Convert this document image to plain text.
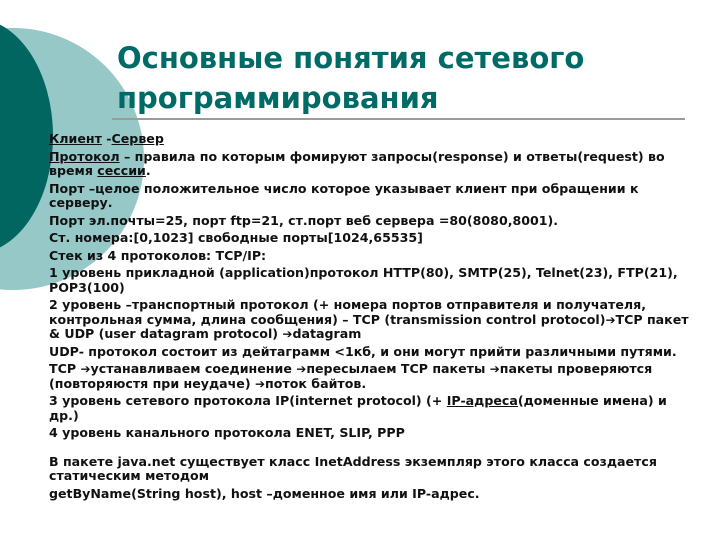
Основные понятия сетевого программирования

Клиент -Сервер

Протокол – правила по которым фомируют запросы(response) и ответы(request) во время сессии.

Порт –целое положительное число которое указывает клиент при обращении к серверу.

Порт эл.почты=25, порт ftp=21, ст.порт веб сервера =80(8080,8001).

Ст. номера:[0,1023] свободные порты[1024,65535]

Стек из 4 протоколов: TCP/IP:

1 уровень прикладной (application)протокол HTTP(80), SMTP(25), Telnet(23), FTP(21), POP3(100)

2 уровень –транспортный протокол (+ номера портов отправителя и получателя, контрольная сумма, длина сообщения) – TCP (transmission control protocol)➔TCP пакет & UDP (user datagram protocol) ➔datagram

UDP- протокол состоит из дейтаграмм <1кб, и они могут прийти различными путями.

TCP ➔устанавливаем соединение ➔пересылаем TCP пакеты ➔пакеты проверяются (повторяюстя при неудаче) ➔поток байтов.

3 уровень сетевого протокола IP(internet protocol) (+ IP-адреса(доменные имена) и др.)

4 уровень канального протокола ENET, SLIP, PPP

В пакете java.net существует класс InetAddress экземпляр этого класса создается статическим методом

getByName(String host), host –доменное имя или IP-адрес.
